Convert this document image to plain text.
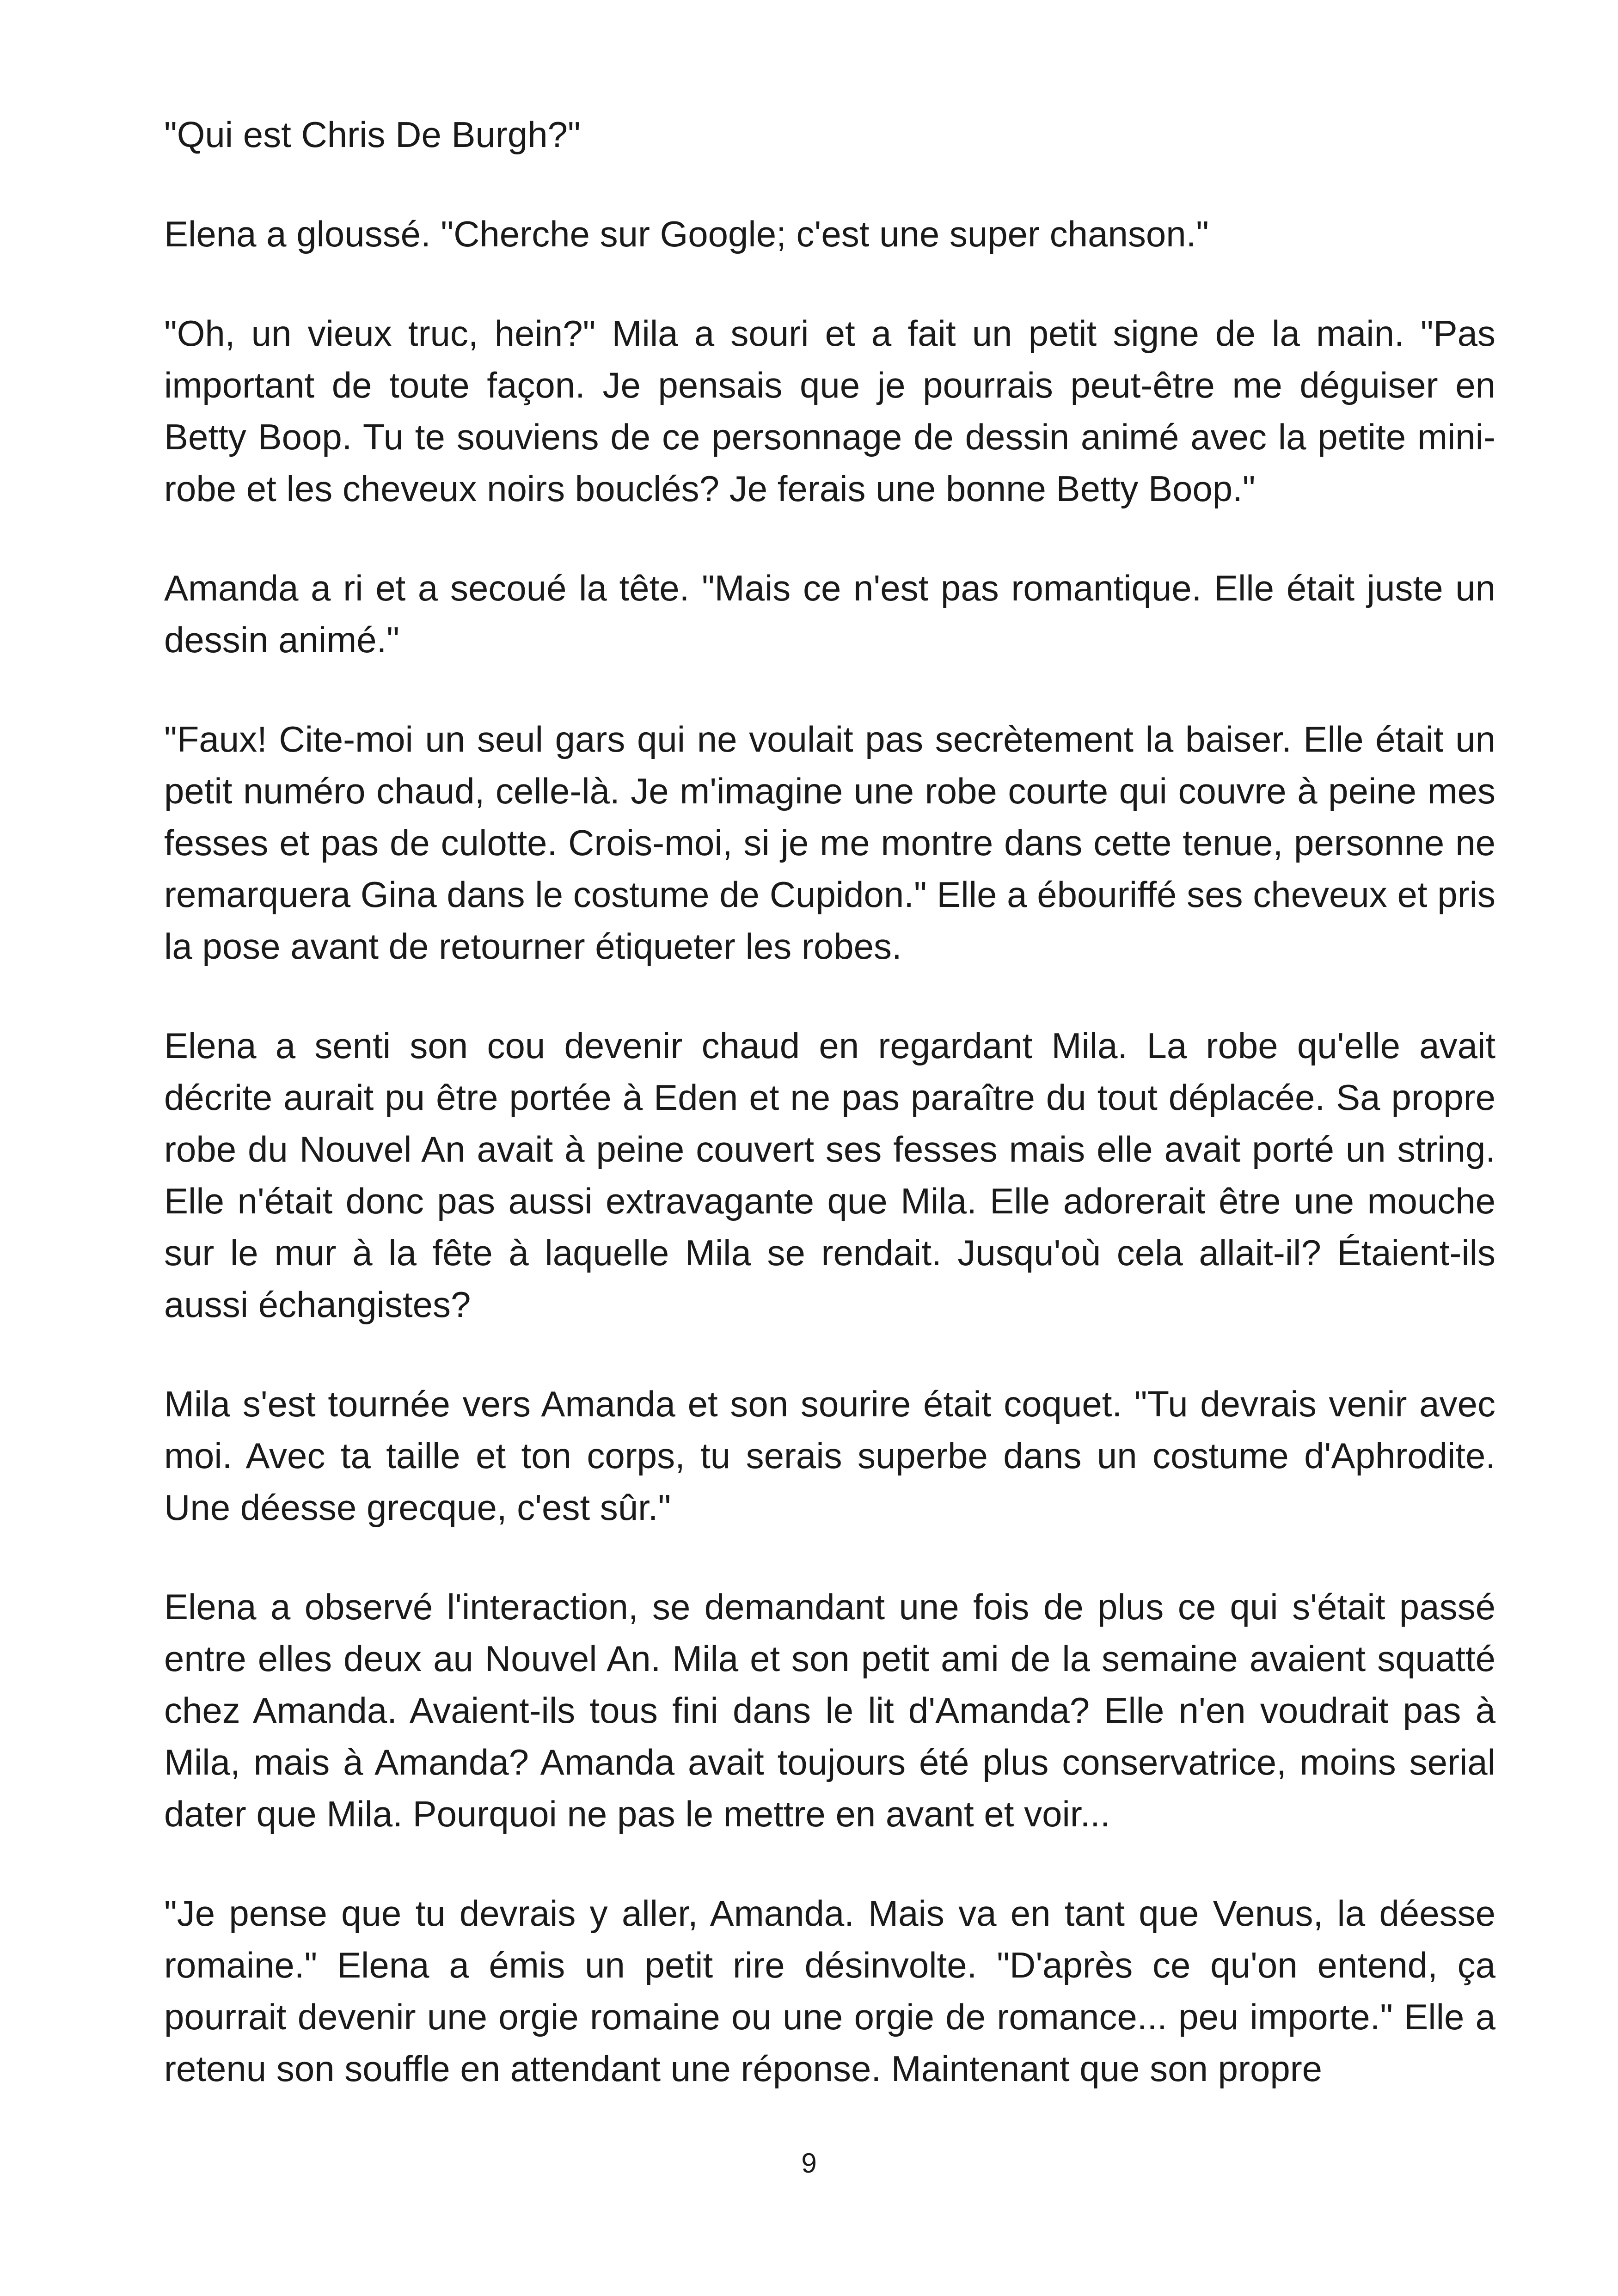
"Qui est Chris De Burgh?"

Elena a gloussé. "Cherche sur Google; c'est une super chanson."

"Oh, un vieux truc, hein?" Mila a souri et a fait un petit signe de la main. "Pas important de toute façon. Je pensais que je pourrais peut-être me déguiser en Betty Boop. Tu te souviens de ce personnage de dessin animé avec la petite mini-robe et les cheveux noirs bouclés? Je ferais une bonne Betty Boop."

Amanda a ri et a secoué la tête. "Mais ce n'est pas romantique. Elle était juste un dessin animé."

"Faux! Cite-moi un seul gars qui ne voulait pas secrètement la baiser. Elle était un petit numéro chaud, celle-là. Je m'imagine une robe courte qui couvre à peine mes fesses et pas de culotte. Crois-moi, si je me montre dans cette tenue, personne ne remarquera Gina dans le costume de Cupidon." Elle a ébouriffé ses cheveux et pris la pose avant de retourner étiqueter les robes.

Elena a senti son cou devenir chaud en regardant Mila. La robe qu'elle avait décrite aurait pu être portée à Eden et ne pas paraître du tout déplacée. Sa propre robe du Nouvel An avait à peine couvert ses fesses mais elle avait porté un string. Elle n'était donc pas aussi extravagante que Mila. Elle adorerait être une mouche sur le mur à la fête à laquelle Mila se rendait. Jusqu'où cela allait-il? Étaient-ils aussi échangistes?

Mila s'est tournée vers Amanda et son sourire était coquet. "Tu devrais venir avec moi. Avec ta taille et ton corps, tu serais superbe dans un costume d'Aphrodite. Une déesse grecque, c'est sûr."

Elena a observé l'interaction, se demandant une fois de plus ce qui s'était passé entre elles deux au Nouvel An. Mila et son petit ami de la semaine avaient squatté chez Amanda. Avaient-ils tous fini dans le lit d'Amanda? Elle n'en voudrait pas à Mila, mais à Amanda? Amanda avait toujours été plus conservatrice, moins serial dater que Mila. Pourquoi ne pas le mettre en avant et voir...

"Je pense que tu devrais y aller, Amanda. Mais va en tant que Venus, la déesse romaine." Elena a émis un petit rire désinvolte. "D'après ce qu'on entend, ça pourrait devenir une orgie romaine ou une orgie de romance... peu importe." Elle a retenu son souffle en attendant une réponse. Maintenant que son propre

9
